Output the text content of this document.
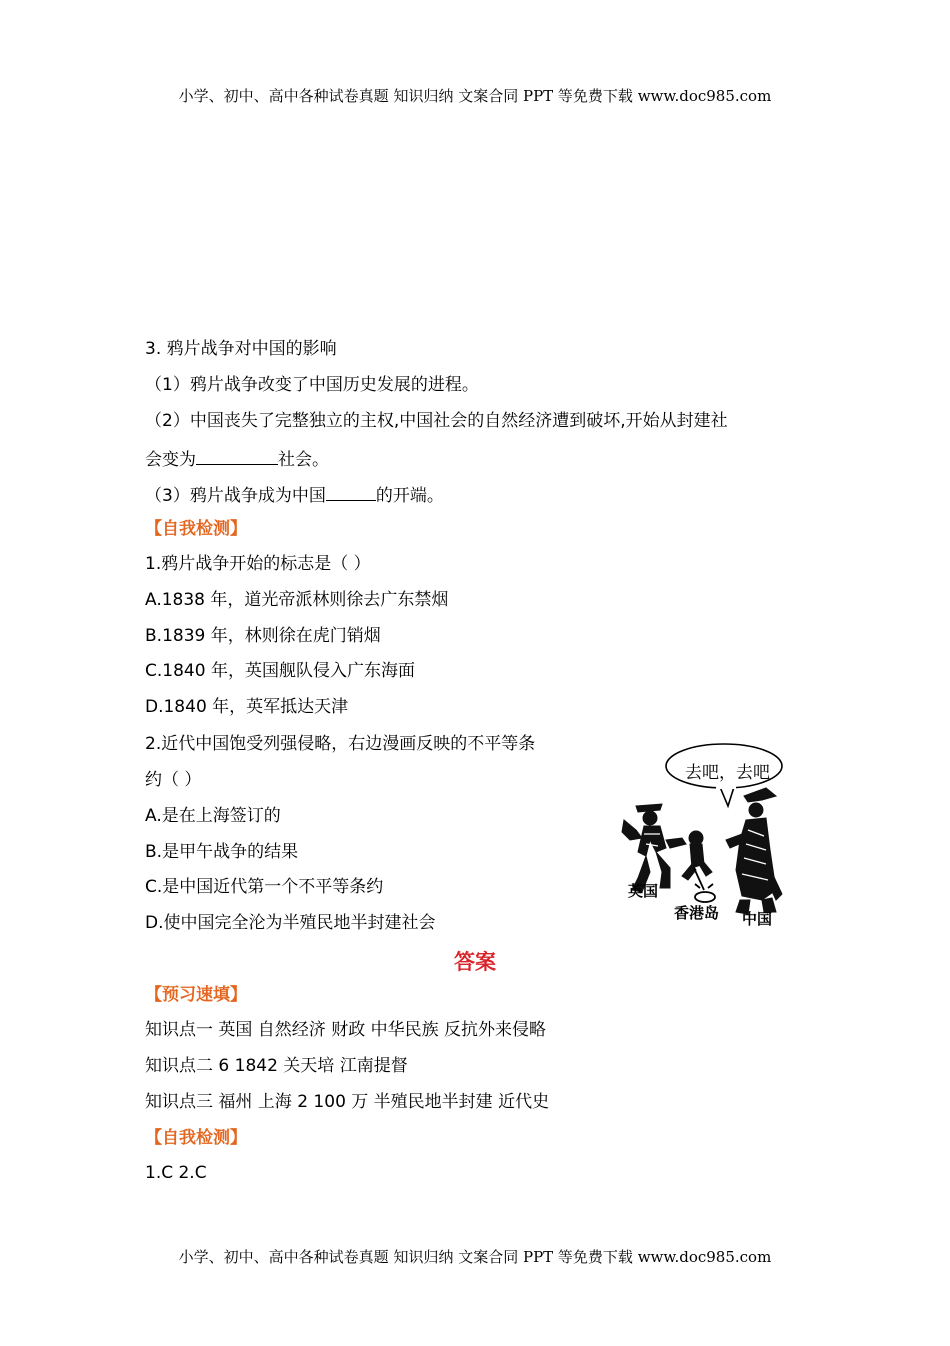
小学、初中、高中各种试卷真题 知识归纳 文案合同 PPT 等免费下载 www.doc985.com
3. 鸦片战争对中国的影响
（1）鸦片战争改变了中国历史发展的进程。
（2）中国丧失了完整独立的主权,中国社会的自然经济遭到破坏,开始从封建社
会变为	社会。
（3）鸦片战争成为中国	的开端。
【自我检测】
1.鸦片战争开始的标志是（ ）
A.1838 年，道光帝派林则徐去广东禁烟
B.1839 年，林则徐在虎门销烟
C.1840 年，英国舰队侵入广东海面
D.1840 年，英军抵达天津
2.近代中国饱受列强侵略，右边漫画反映的不平等条
约（ ）
A.是在上海签订的
B.是甲午战争的结果
C.是中国近代第一个不平等条约
D.使中国完全沦为半殖民地半封建社会
去吧，去吧
英国
香港岛 中国
答案
【预习速填】
知识点一 英国 自然经济 财政 中华民族 反抗外来侵略
知识点二 6 1842 关天培 江南提督
知识点三 福州 上海 2 100 万 半殖民地半封建 近代史
【自我检测】
1.C 2.C
小学、初中、高中各种试卷真题 知识归纳 文案合同 PPT 等免费下载 www.doc985.com
